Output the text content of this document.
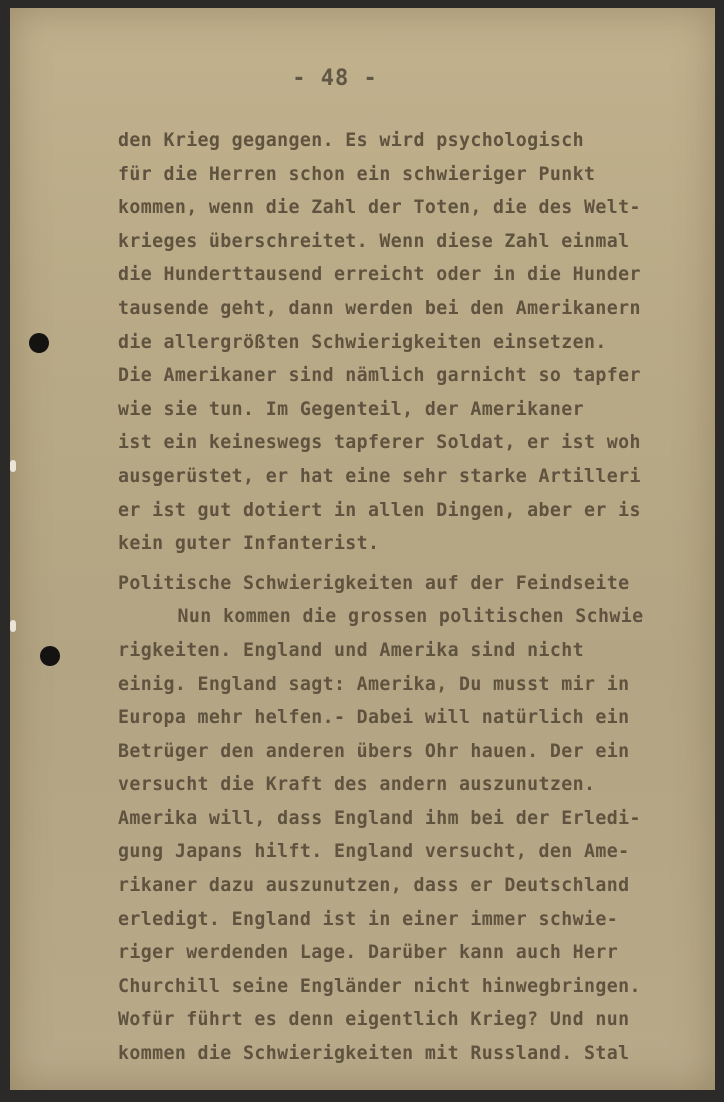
- 48 -
den Krieg gegangen. Es wird psychologisch
für die Herren schon ein schwieriger Punkt
kommen, wenn die Zahl der Toten, die des Welt-
krieges überschreitet. Wenn diese Zahl einmal
die Hunderttausend erreicht oder in die Hunder
tausende geht, dann werden bei den Amerikanern
die allergrößten Schwierigkeiten einsetzen.
Die Amerikaner sind nämlich garnicht so tapfer
wie sie tun. Im Gegenteil, der Amerikaner
ist ein keineswegs tapferer Soldat, er ist woh
ausgerüstet, er hat eine sehr starke Artilleri
er ist gut dotiert in allen Dingen, aber er is
kein guter Infanterist.
Politische Schwierigkeiten auf der Feindseite
Nun kommen die grossen politischen Schwie
rigkeiten. England und Amerika sind nicht
einig. England sagt: Amerika, Du musst mir in
Europa mehr helfen.- Dabei will natürlich ein
Betrüger den anderen übers Ohr hauen. Der ein
versucht die Kraft des andern auszunutzen.
Amerika will, dass England ihm bei der Erledi-
gung Japans hilft. England versucht, den Ame-
rikaner dazu auszunutzen, dass er Deutschland
erledigt. England ist in einer immer schwie-
riger werdenden Lage. Darüber kann auch Herr
Churchill seine Engländer nicht hinwegbringen.
Wofür führt es denn eigentlich Krieg? Und nun
kommen die Schwierigkeiten mit Russland. Stal
